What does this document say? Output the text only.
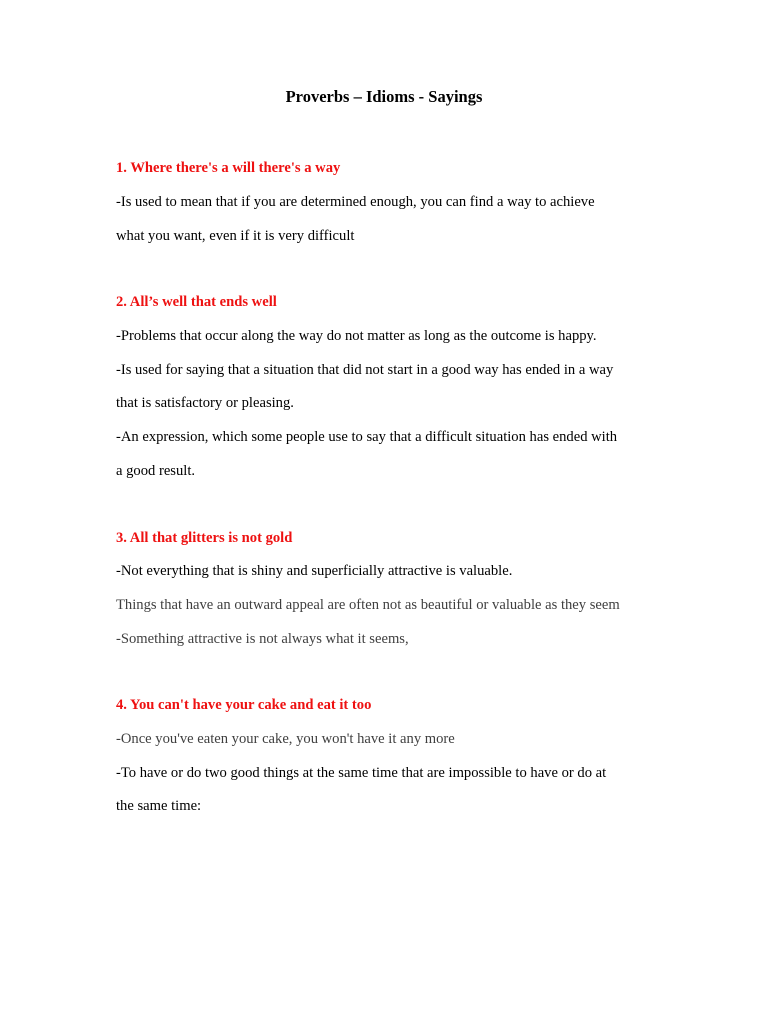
Proverbs – Idioms - Sayings
1. Where there's a will there's a way
-Is used to mean that if you are determined enough, you can find a way to achieve
what you want, even if it is very difficult
2. All’s well that ends well
-Problems that occur along the way do not matter as long as the outcome is happy.
-Is used for saying that a situation that did not start in a good way has ended in a way
that is satisfactory or pleasing.
-An expression, which some people use to say that a difficult situation has ended with
a good result.
3. All that glitters is not gold
-Not everything that is shiny and superficially attractive is valuable.
Things that have an outward appeal are often not as beautiful or valuable as they seem
-Something attractive is not always what it seems,
4. You can't have your cake and eat it too
-Once you've eaten your cake, you won't have it any more
-To have or do two good things at the same time that are impossible to have or do at
the same time:
